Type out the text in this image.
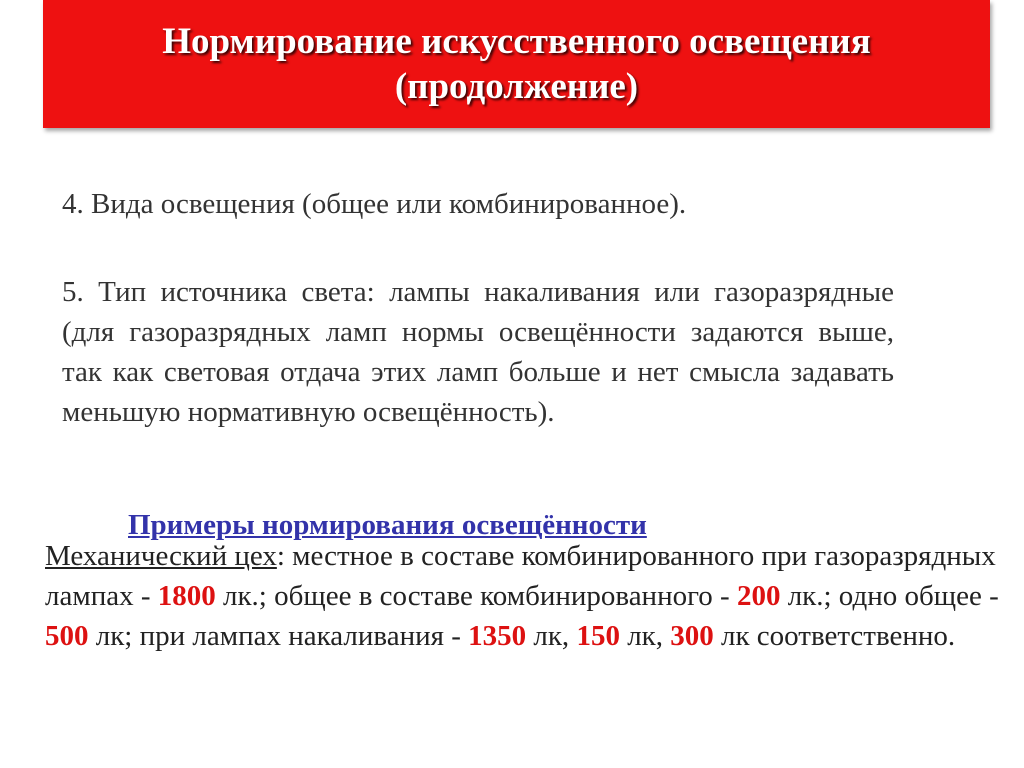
Нормирование искусственного освещения
(продолжение)
4. Вида освещения (общее или комбинированное).
5. Тип источника света: лампы накаливания или газоразрядные (для газоразрядных ламп нормы освещённости задаются выше, так как световая отдача этих ламп больше и нет смысла задавать меньшую нормативную освещённость).
Примеры нормирования освещённости
Механический цех: местное в составе комбинированного при газоразрядных лампах - 1800 лк.; общее в составе комбинированного - 200 лк.; одно общее - 500 лк; при лампах накаливания - 1350 лк, 150 лк, 300 лк соответственно.
